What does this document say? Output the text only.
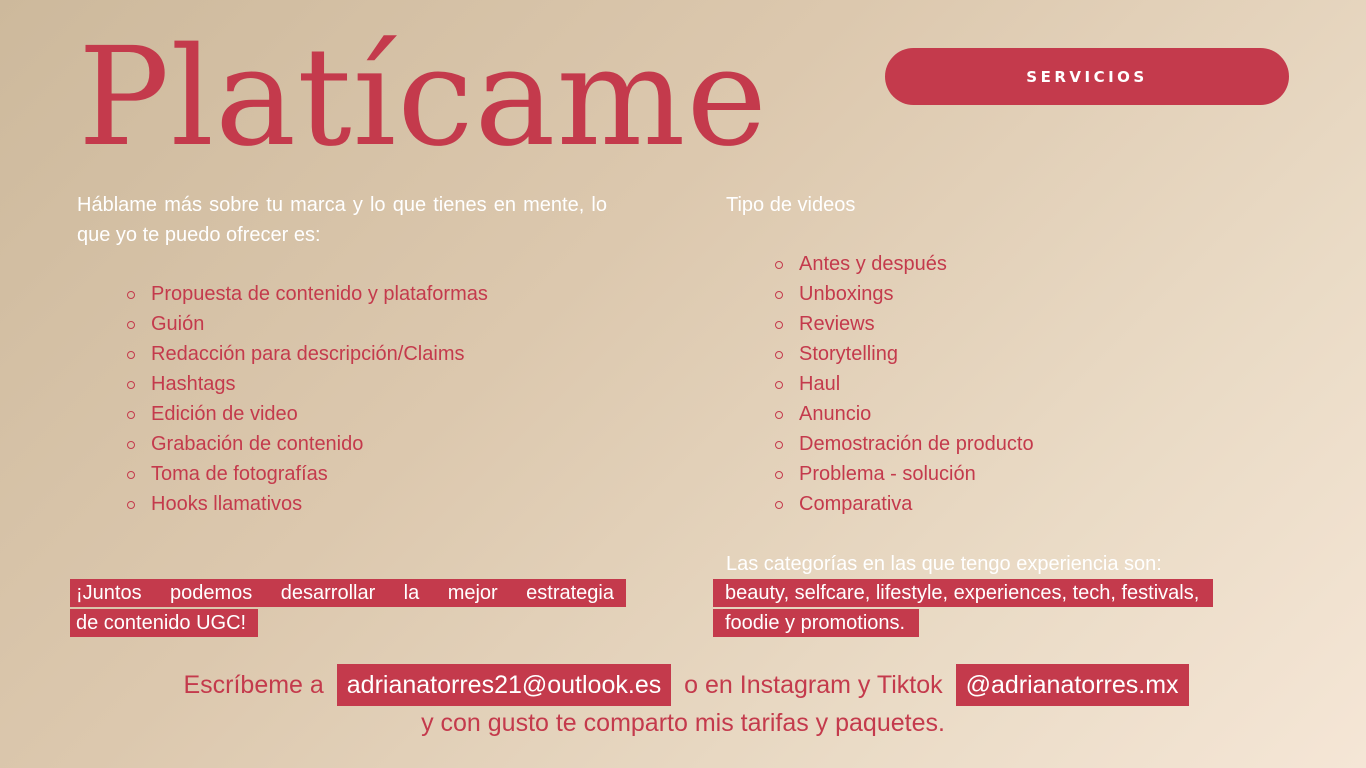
Platícame	SERVICIOS

Háblame más sobre tu marca y lo que tienes en mente, lo que yo te puedo ofrecer es:

Propuesta de contenido y plataformas
Guión
Redacción para descripción/Claims
Hashtags
Edición de video
Grabación de contenido
Toma de fotografías
Hooks llamativos

Tipo de videos

Antes y después
Unboxings
Reviews
Storytelling
Haul
Anuncio
Demostración de producto
Problema - solución
Comparativa
¡Juntos podemos desarrollar la mejor estrategia
de contenido UGC!

Las categorías en las que tengo experiencia son:

beauty, selfcare, lifestyle, experiences, tech, festivals,
foodie y promotions.
Escríbeme a adrianatorres21@outlook.es o en Instagram y Tiktok @adrianatorres.mx
y con gusto te comparto mis tarifas y paquetes.
